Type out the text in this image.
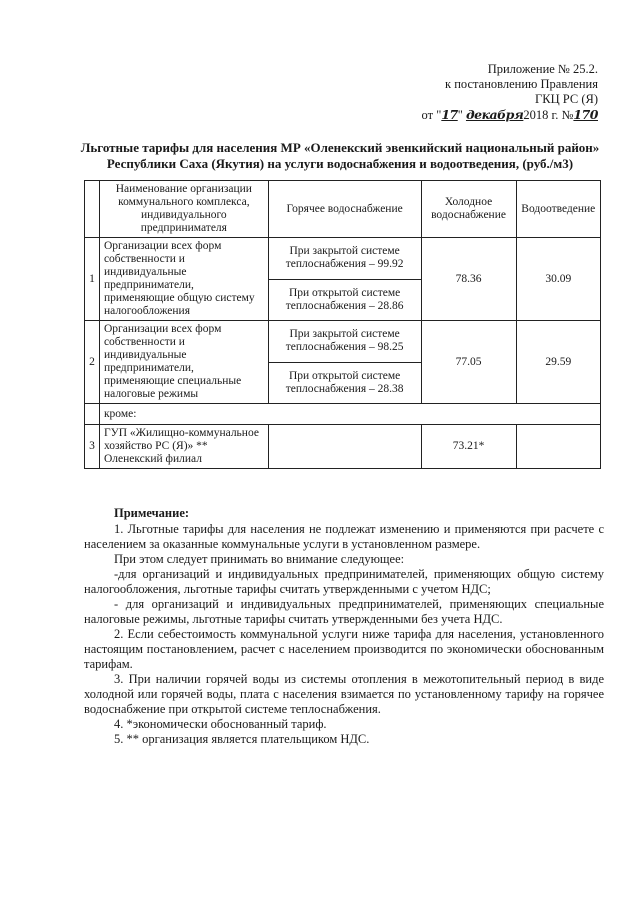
Приложение № 25.2.
к постановлению Правления
ГКЦ РС (Я)
от "17" декабря2018 г. №170
Льготные тарифы для населения МР «Оленекский эвенкийский национальный район»
Республики Саха (Якутия) на услуги водоснабжения и водоотведения, (руб./м3)
	Наименование организации коммунального комплекса, индивидуального предпринимателя	Горячее водоснабжение	Холодное водоснабжение	Водоотведение
1	Организации всех форм собственности и индивидуальные предприниматели, применяющие общую систему налогообложения	При закрытой системе теплоснабжения – 99.92	78.36	30.09
		При открытой системе теплоснабжения – 28.86		
2	Организации всех форм собственности и индивидуальные предприниматели, применяющие специальные налоговые режимы	При закрытой системе теплоснабжения – 98.25	77.05	29.59
		При открытой системе теплоснабжения – 28.38		
	кроме:			
3	ГУП «Жилищно-коммунальное хозяйство РС (Я)» ** Оленекский филиал		73.21*	

Примечание:

1. Льготные тарифы для населения не подлежат изменению и применяются при расчете с населением за оказанные коммунальные услуги в установленном размере.

При этом следует принимать во внимание следующее:

-для организаций и индивидуальных предпринимателей, применяющих общую систему налогообложения, льготные тарифы считать утвержденными с учетом НДС;

- для организаций и индивидуальных предпринимателей, применяющих специальные налоговые режимы, льготные тарифы считать утвержденными без учета НДС.

2. Если себестоимость коммунальной услуги ниже тарифа для населения, установленного настоящим постановлением, расчет с населением производится по экономически обоснованным тарифам.

3. При наличии горячей воды из системы отопления в межотопительный период в виде холодной или горячей воды, плата с населения взимается по установленному тарифу на горячее водоснабжение при открытой системе теплоснабжения.

4. *экономически обоснованный тариф.

5. ** организация является плательщиком НДС.
